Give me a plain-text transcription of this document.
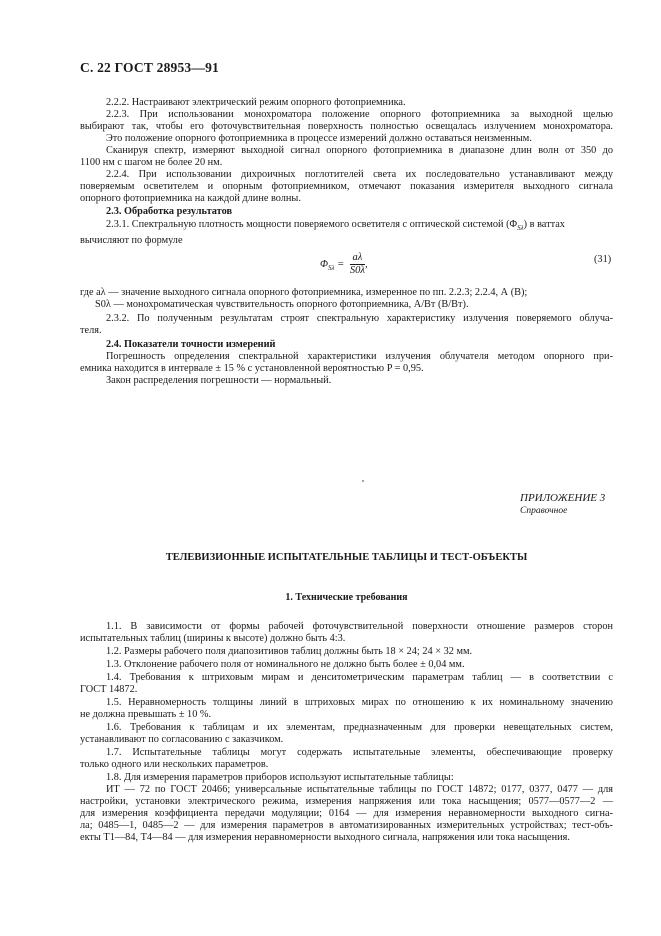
С. 22 ГОСТ 28953—91
2.2.2. Настраивают электрический режим опорного фотоприемника.
2.2.3. При использовании монохроматора положение опорного фотоприемника за выходной щелью
выбирают так, чтобы его фоточувствительная поверхность полностью освещалась излучением монохроматора.
Это положение опорного фотоприемника в процессе измерений должно оставаться неизменным.
Сканируя спектр, измеряют выходной сигнал опорного фотоприемника в диапазоне длин волн от 350 до
1100 нм с шагом не более 20 нм.
2.2.4. При использовании дихроичных поглотителей света их последовательно устанавливают между
поверяемым осветителем и опорным фотоприемником, отмечают показания измерителя выходного сигнала
опорного фотоприемника на каждой длине волны.
2.3. Обработка результатов
2.3.1. Спектральную плотность мощности поверяемого осветителя с оптической системой $(\Phi_{S\lambda})$ в ваттах
вычисляют по формуле
$\Phi_{S\lambda} = \frac{a\lambda}{S0\lambda}$ ,	(31)
где aλ — значение выходного сигнала опорного фотоприемника, измеренное по пп. 2.2.3; 2.2.4, А (В);
S0λ — монохроматическая чувствительность опорного фотоприемника, А/Вт (В/Вт).
2.3.2. По полученным результатам строят спектральную характеристику излучения поверяемого облуча-
теля.
2.4. Показатели точности измерений
Погрешность определения спектральной характеристики излучения облучателя методом опорного при-
емника находится в интервале ± 15 % с установленной вероятностью P = 0,95.
Закон распределения погрешности — нормальный.
ПРИЛОЖЕНИЕ 3
Справочное
ТЕЛЕВИЗИОННЫЕ ИСПЫТАТЕЛЬНЫЕ ТАБЛИЦЫ И ТЕСТ-ОБЪЕКТЫ
1. Технические требования
1.1. В зависимости от формы рабочей фоточувствительной поверхности отношение размеров сторон
испытательных таблиц (ширины к высоте) должно быть 4:3.
1.2. Размеры рабочего поля диапозитивов таблиц должны быть 18 × 24; 24 × 32 мм.
1.3. Отклонение рабочего поля от номинального не должно быть более ± 0,04 мм.
1.4. Требования к штриховым мирам и денситометрическим параметрам таблиц — в соответствии с
ГОСТ 14872.
1.5. Неравномерность толщины линий в штриховых мирах по отношению к их номинальному значению
не должна превышать ± 10 %.
1.6. Требования к таблицам и их элементам, предназначенным для проверки невещательных систем,
устанавливают по согласованию с заказчиком.
1.7. Испытательные таблицы могут содержать испытательные элементы, обеспечивающие проверку
только одного или нескольких параметров.
1.8. Для измерения параметров приборов используют испытательные таблицы:
ИТ — 72 по ГОСТ 20466; универсальные испытательные таблицы по ГОСТ 14872; 0177, 0377, 0477 — для
настройки, установки электрического режима, измерения напряжения или тока насыщения; 0577—0577—2 —
для измерения коэффициента передачи модуляции; 0164 — для измерения неравномерности выходного сигна-
ла; 0485—1, 0485—2 — для измерения параметров в автоматизированных измерительных устройствах; тест-объ-
екты Т1—84, Т4—84 — для измерения неравномерности выходного сигнала, напряжения или тока насыщения.
